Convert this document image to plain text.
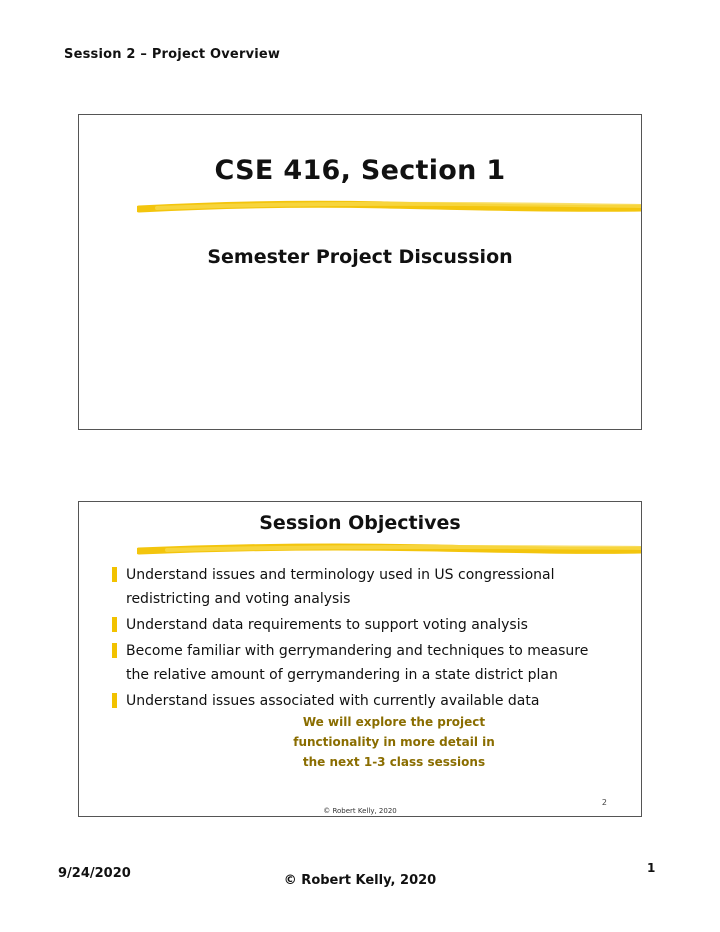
Session 2 – Project Overview
CSE 416, Section 1
Semester Project Discussion
Session Objectives
Understand issues and terminology used in US congressional redistricting and voting analysis
Understand data requirements to support voting analysis
Become familiar with gerrymandering and techniques to measure the relative amount of gerrymandering in a state district plan
Understand issues associated with currently available data
We will explore the project
functionality in more detail in
the next 1-3 class sessions
2
© Robert Kelly, 2020
9/24/2020	© Robert Kelly, 2020
1
